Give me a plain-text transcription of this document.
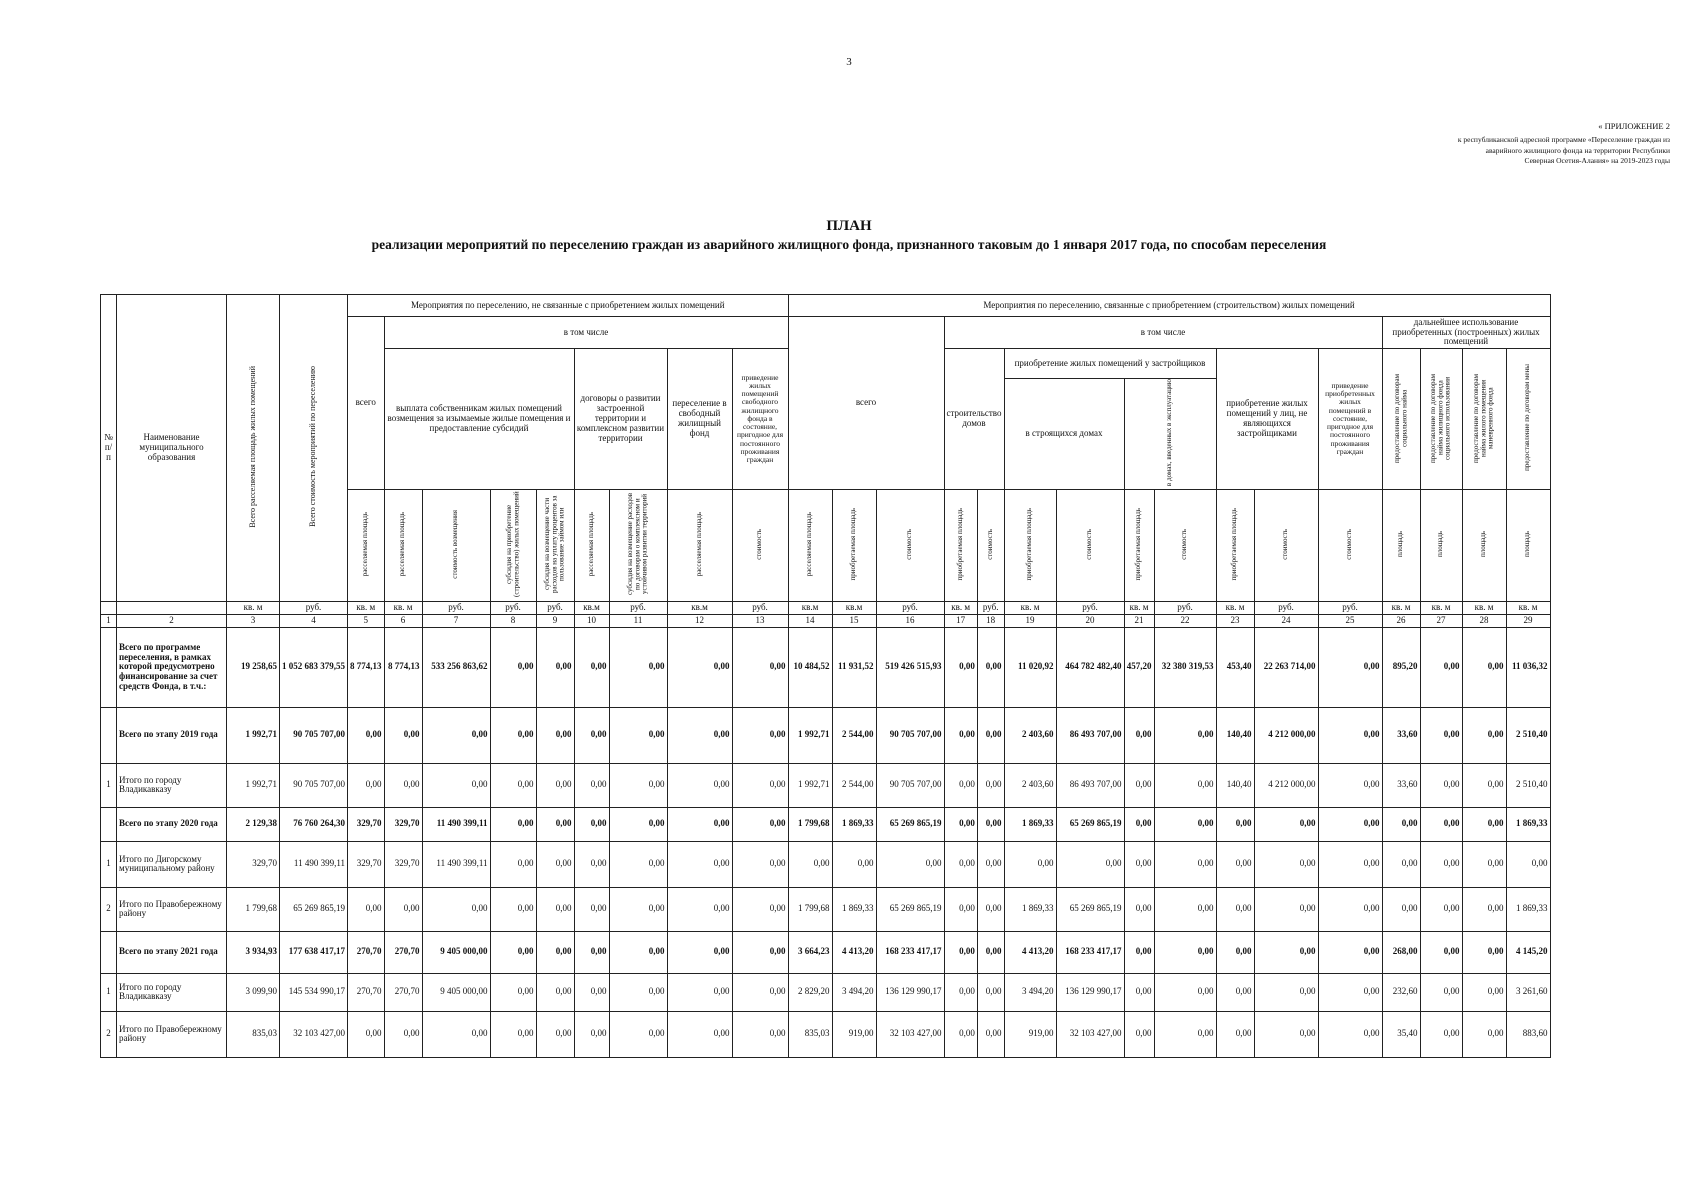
3
« ПРИЛОЖЕНИЕ 2
к республиканской адресной программе «Переселение граждан из
аварийного жилищного фонда на территории Республики
Северная Осетия-Алания» на 2019-2023 годы
ПЛАН
реализации мероприятий по переселению граждан из аварийного жилищного фонда, признанного таковым до 1 января 2017 года, по способам переселения
№ п/п	Наименование муниципального образования	Всего расселяемая площадь жилых помещений	Всего стоимость мероприятий по переселению	Мероприятия по переселению, не связанные с приобретением жилых помещений									Мероприятия по переселению, связанные с приобретением (строительством) жилых помещений															
				всего	в том числе								всего			в том числе									дальнейшее использование приобретенных (построенных) жилых помещений			
					выплата собственникам жилых помещений возмещения за изымаемые жилые помещения и предоставление субсидий				договоры о развитии застроенной территории и комплексном развитии территории		переселение в свободный жилищный фонд	приведение жилых помещений свободного жилищного фонда в состояние, пригодное для постоянного проживания граждан				строительство домов		приобретение жилых помещений у застройщиков				приобретение жилых помещений у лиц, не являющихся застройщиками		приведение приобретенных жилых помещений в состояние, пригодное для постоянного проживания граждан	предоставление по договорам социального найма	предоставление по договорам найма жилищного фонда социального использования	предоставление по договорам найма жилого помещения маневренного фонда	предоставление по договорам мены
																		в строящихся домах		в домах, введенных в эксплуатацию								
				расселяемая площадь	расселяемая площадь	стоимость возмещения	субсидия на приобретение (строительство) жилых помещений	субсидия на возмещение части расходов на уплату процентов за пользование займом или	расселяемая площадь	субсидия на возмещение расходов по договорам о комплексном и устойчивом развитии территорий	расселяемая площадь	стоимость	расселяемая площадь	приобретаемая площадь	стоимость	приобретаемая площадь	стоимость	приобретаемая площадь	стоимость	приобретаемая площадь	стоимость	приобретаемая площадь	стоимость	стоимость	площадь	площадь	площадь	площадь
		кв. м	руб.	кв. м	кв. м	руб.	руб.	руб.	кв.м	руб.	кв.м	руб.	кв.м	кв.м	руб.	кв. м	руб.	кв. м	руб.	кв. м	руб.	кв. м	руб.	руб.	кв. м	кв. м	кв. м	кв. м
1	2	3	4	5	6	7	8	9	10	11	12	13	14	15	16	17	18	19	20	21	22	23	24	25	26	27	28	29
	Всего по программе переселения, в рамках которой предусмотрено финансирование за счет средств Фонда, в т.ч.:	19 258,65	1 052 683 379,55	8 774,13	8 774,13	533 256 863,62	0,00	0,00	0,00	0,00	0,00	0,00	10 484,52	11 931,52	519 426 515,93	0,00	0,00	11 020,92	464 782 482,40	457,20	32 380 319,53	453,40	22 263 714,00	0,00	895,20	0,00	0,00	11 036,32
	Всего по этапу 2019 года	1 992,71	90 705 707,00	0,00	0,00	0,00	0,00	0,00	0,00	0,00	0,00	0,00	1 992,71	2 544,00	90 705 707,00	0,00	0,00	2 403,60	86 493 707,00	0,00	0,00	140,40	4 212 000,00	0,00	33,60	0,00	0,00	2 510,40
1	Итого по городу Владикавказу	1 992,71	90 705 707,00	0,00	0,00	0,00	0,00	0,00	0,00	0,00	0,00	0,00	1 992,71	2 544,00	90 705 707,00	0,00	0,00	2 403,60	86 493 707,00	0,00	0,00	140,40	4 212 000,00	0,00	33,60	0,00	0,00	2 510,40
	Всего по этапу 2020 года	2 129,38	76 760 264,30	329,70	329,70	11 490 399,11	0,00	0,00	0,00	0,00	0,00	0,00	1 799,68	1 869,33	65 269 865,19	0,00	0,00	1 869,33	65 269 865,19	0,00	0,00	0,00	0,00	0,00	0,00	0,00	0,00	1 869,33
1	Итого по Дигорскому муниципальному району	329,70	11 490 399,11	329,70	329,70	11 490 399,11	0,00	0,00	0,00	0,00	0,00	0,00	0,00	0,00	0,00	0,00	0,00	0,00	0,00	0,00	0,00	0,00	0,00	0,00	0,00	0,00	0,00	0,00
2	Итого по Правобережному району	1 799,68	65 269 865,19	0,00	0,00	0,00	0,00	0,00	0,00	0,00	0,00	0,00	1 799,68	1 869,33	65 269 865,19	0,00	0,00	1 869,33	65 269 865,19	0,00	0,00	0,00	0,00	0,00	0,00	0,00	0,00	1 869,33
	Всего по этапу 2021 года	3 934,93	177 638 417,17	270,70	270,70	9 405 000,00	0,00	0,00	0,00	0,00	0,00	0,00	3 664,23	4 413,20	168 233 417,17	0,00	0,00	4 413,20	168 233 417,17	0,00	0,00	0,00	0,00	0,00	268,00	0,00	0,00	4 145,20
1	Итого по городу Владикавказу	3 099,90	145 534 990,17	270,70	270,70	9 405 000,00	0,00	0,00	0,00	0,00	0,00	0,00	2 829,20	3 494,20	136 129 990,17	0,00	0,00	3 494,20	136 129 990,17	0,00	0,00	0,00	0,00	0,00	232,60	0,00	0,00	3 261,60
2	Итого по Правобережному району	835,03	32 103 427,00	0,00	0,00	0,00	0,00	0,00	0,00	0,00	0,00	0,00	835,03	919,00	32 103 427,00	0,00	0,00	919,00	32 103 427,00	0,00	0,00	0,00	0,00	0,00	35,40	0,00	0,00	883,60
